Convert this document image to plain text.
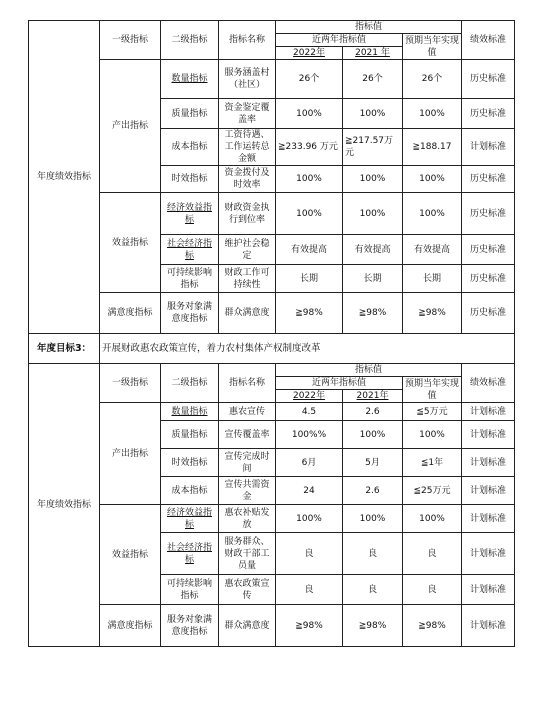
年度绩效指标	一级指标	二级指标	指标名称	指标值			绩效标准
				近两年指标值		预期当年实现值	
				2022年	2021 年		
	产出指标	数量指标	服务涵盖村（社区）	26个	26个	26个	历史标准
		质量指标	资金鉴定覆盖率	100%	100%	100%	历史标准
		成本指标	工资待遇、工作运转总金额	≧233.96 万元	≧217.57万元	≧188.17	计划标准
		时效指标	资金拨付及时效率	100%	100%	100%	历史标准
	效益指标	经济效益指标	财政资金执行到位率	100%	100%	100%	历史标准
		社会经济指标	维护社会稳定	有效提高	有效提高	有效提高	历史标准
		可持续影响指标	财政工作可持续性	长期	长期	长期	历史标准
	满意度指标	服务对象满意度指标	群众满意度	≧98%	≧98%	≧98%	历史标准
年度目标3：	开展财政惠农政策宣传，着力农村集体产权制度改革						
年度绩效指标	一级指标	二级指标	指标名称	指标值			绩效标准
				近两年指标值		预期当年实现值	
				2022年	2021年		
	产出指标	数量指标	惠农宣传	4.5	2.6	≦5万元	计划标准
		质量指标	宣传覆盖率	100%%	100%	100%	计划标准
		时效指标	宣传完成时间	6月	5月	≦1年	计划标准
		成本指标	宣传共需资金	24	2.6	≦25万元	计划标准
	效益指标	经济效益指标	惠农补贴发放	100%	100%	100%	计划标准
		社会经济指标	服务群众、财政干部工员量	良	良	良	计划标准
		可持续影响指标	惠农政策宣传	良	良	良	计划标准
	满意度指标	服务对象满意度指标	群众满意度	≧98%	≧98%	≧98%	计划标准
